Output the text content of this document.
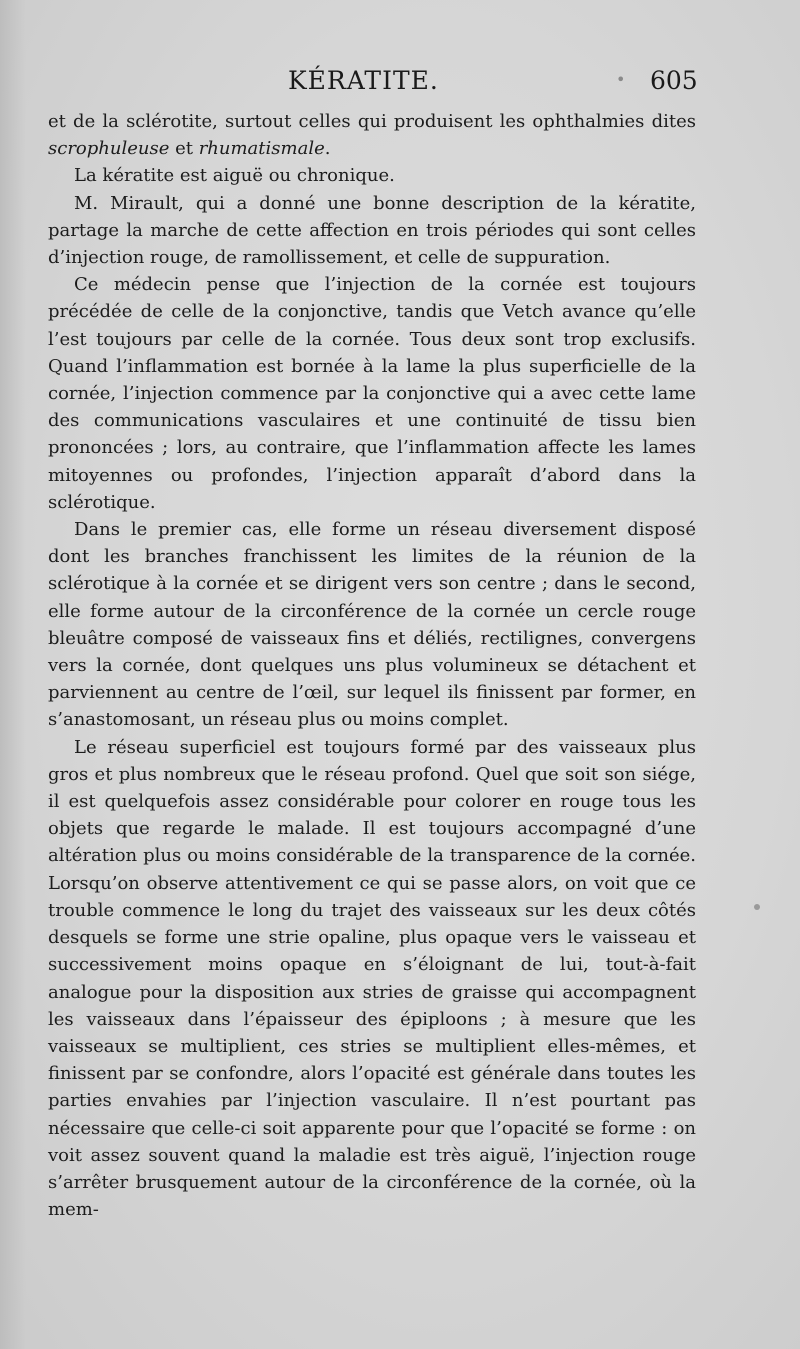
KÉRATITE.	• 605

et de la sclérotite, surtout celles qui produisent les ophthalmies dites scrophuleuse et rhumatismale.

La kératite est aiguë ou chronique.

M. Mirault, qui a donné une bonne description de la kératite, partage la marche de cette affection en trois périodes qui sont celles d’injection rouge, de ramollissement, et celle de suppuration.

Ce médecin pense que l’injection de la cornée est toujours précédée de celle de la conjonctive, tandis que Vetch avance qu’elle l’est toujours par celle de la cornée. Tous deux sont trop exclusifs. Quand l’inflammation est bornée à la lame la plus superficielle de la cornée, l’injection commence par la conjonctive qui a avec cette lame des communications vasculaires et une continuité de tissu bien prononcées ; lors, au contraire, que l’inflammation affecte les lames mitoyennes ou profondes, l’injection apparaît d’abord dans la sclérotique.

Dans le premier cas, elle forme un réseau diversement disposé dont les branches franchissent les limites de la réunion de la sclérotique à la cornée et se dirigent vers son centre ; dans le second, elle forme autour de la circonférence de la cornée un cercle rouge bleuâtre composé de vaisseaux fins et déliés, rectilignes, convergens vers la cornée, dont quelques uns plus volumineux se détachent et parviennent au centre de l’œil, sur lequel ils finissent par former, en s’anastomosant, un réseau plus ou moins complet.

Le réseau superficiel est toujours formé par des vaisseaux plus gros et plus nombreux que le réseau profond. Quel que soit son siége, il est quelquefois assez considérable pour colorer en rouge tous les objets que regarde le malade. Il est toujours accompagné d’une altération plus ou moins considérable de la transparence de la cornée. Lorsqu’on observe attentivement ce qui se passe alors, on voit que ce trouble commence le long du trajet des vaisseaux sur les deux côtés desquels se forme une strie opaline, plus opaque vers le vaisseau et successivement moins opaque en s’éloignant de lui, tout-à-fait analogue pour la disposition aux stries de graisse qui accompagnent les vaisseaux dans l’épaisseur des épiploons ; à mesure que les vaisseaux se multiplient, ces stries se multiplient elles-mêmes, et finissent par se confondre, alors l’opacité est générale dans toutes les parties envahies par l’injection vasculaire. Il n’est pourtant pas nécessaire que celle-ci soit apparente pour que l’opacité se forme : on voit assez souvent quand la maladie est très aiguë, l’injection rouge s’arrêter brusquement autour de la circonférence de la cornée, où la mem-
